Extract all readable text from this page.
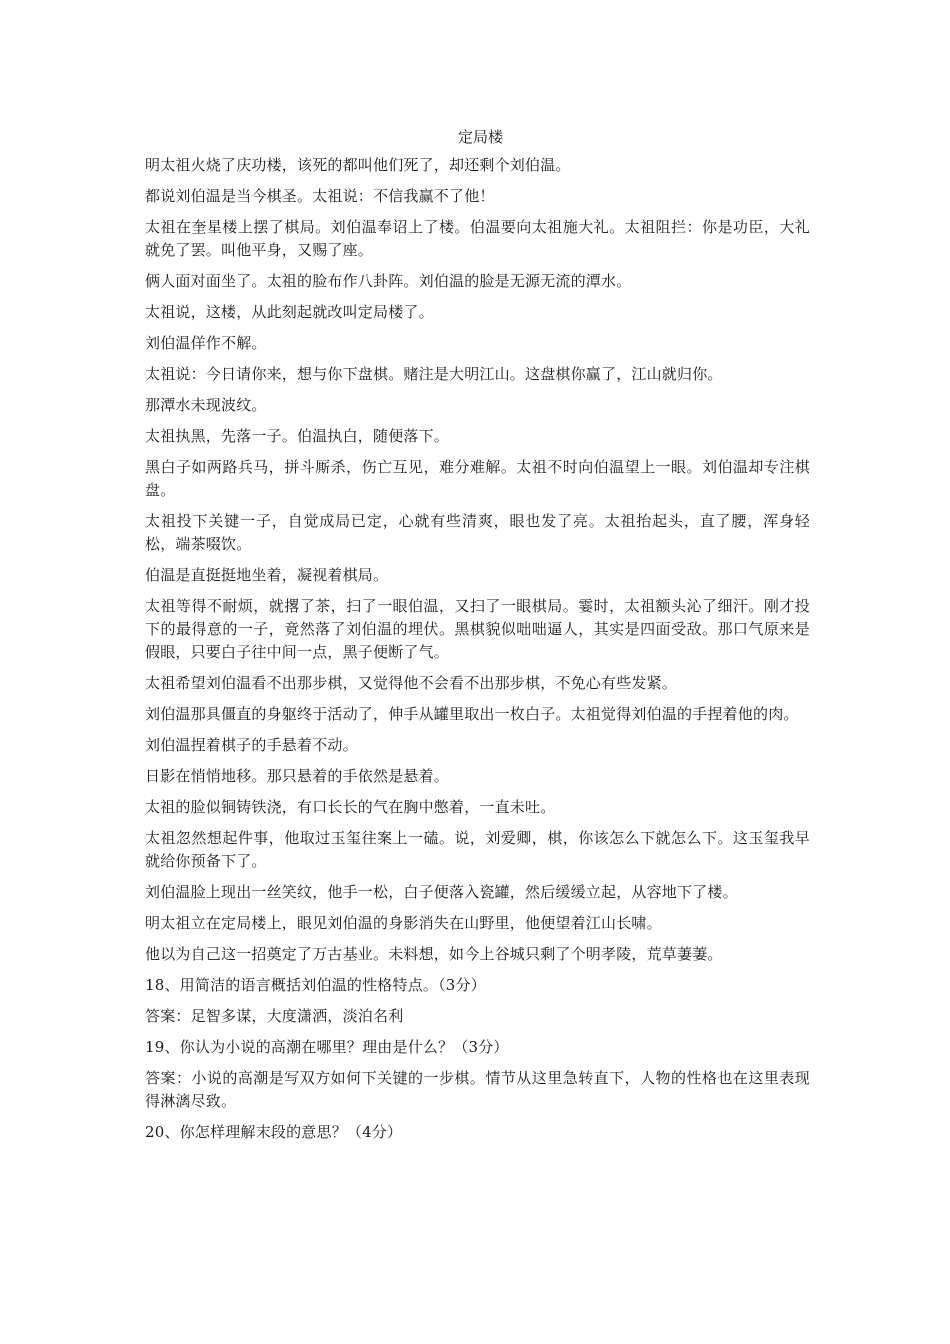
定局楼

明太祖火烧了庆功楼，该死的都叫他们死了，却还剩个刘伯温。

都说刘伯温是当今棋圣。太祖说：不信我赢不了他！

太祖在奎星楼上摆了棋局。刘伯温奉诏上了楼。伯温要向太祖施大礼。太祖阻拦：你是功臣，大礼就免了罢。叫他平身，又赐了座。

俩人面对面坐了。太祖的脸布作八卦阵。刘伯温的脸是无源无流的潭水。

太祖说，这楼，从此刻起就改叫定局楼了。

刘伯温佯作不解。

太祖说：今日请你来，想与你下盘棋。赌注是大明江山。这盘棋你赢了，江山就归你。

那潭水未现波纹。

太祖执黑，先落一子。伯温执白，随便落下。

黑白子如两路兵马，拼斗厮杀，伤亡互见，难分难解。太祖不时向伯温望上一眼。刘伯温却专注棋盘。

太祖投下关键一子，自觉成局已定，心就有些清爽，眼也发了亮。太祖抬起头，直了腰，浑身轻松，端茶啜饮。

伯温是直挺挺地坐着，凝视着棋局。

太祖等得不耐烦，就撂了茶，扫了一眼伯温，又扫了一眼棋局。霎时，太祖额头沁了细汗。刚才投下的最得意的一子，竟然落了刘伯温的埋伏。黑棋貌似咄咄逼人，其实是四面受敌。那口气原来是假眼，只要白子往中间一点，黑子便断了气。

太祖希望刘伯温看不出那步棋，又觉得他不会看不出那步棋，不免心有些发紧。

刘伯温那具僵直的身躯终于活动了，伸手从罐里取出一枚白子。太祖觉得刘伯温的手捏着他的肉。

刘伯温捏着棋子的手悬着不动。

日影在悄悄地移。那只悬着的手依然是悬着。

太祖的脸似铜铸铁浇，有口长长的气在胸中憋着，一直未吐。

太祖忽然想起件事，他取过玉玺往案上一磕。说，刘爱卿，棋，你该怎么下就怎么下。这玉玺我早就给你预备下了。

刘伯温脸上现出一丝笑纹，他手一松，白子便落入瓷罐，然后缓缓立起，从容地下了楼。

明太祖立在定局楼上，眼见刘伯温的身影消失在山野里，他便望着江山长啸。

他以为自己这一招奠定了万古基业。未料想，如今上谷城只剩了个明孝陵，荒草萋萋。

18、用简洁的语言概括刘伯温的性格特点。（3分）

答案：足智多谋，大度潇洒，淡泊名利

19、你认为小说的高潮在哪里？理由是什么？（3分）

答案：小说的高潮是写双方如何下关键的一步棋。情节从这里急转直下，人物的性格也在这里表现得淋漓尽致。

20、你怎样理解末段的意思？（4分）
